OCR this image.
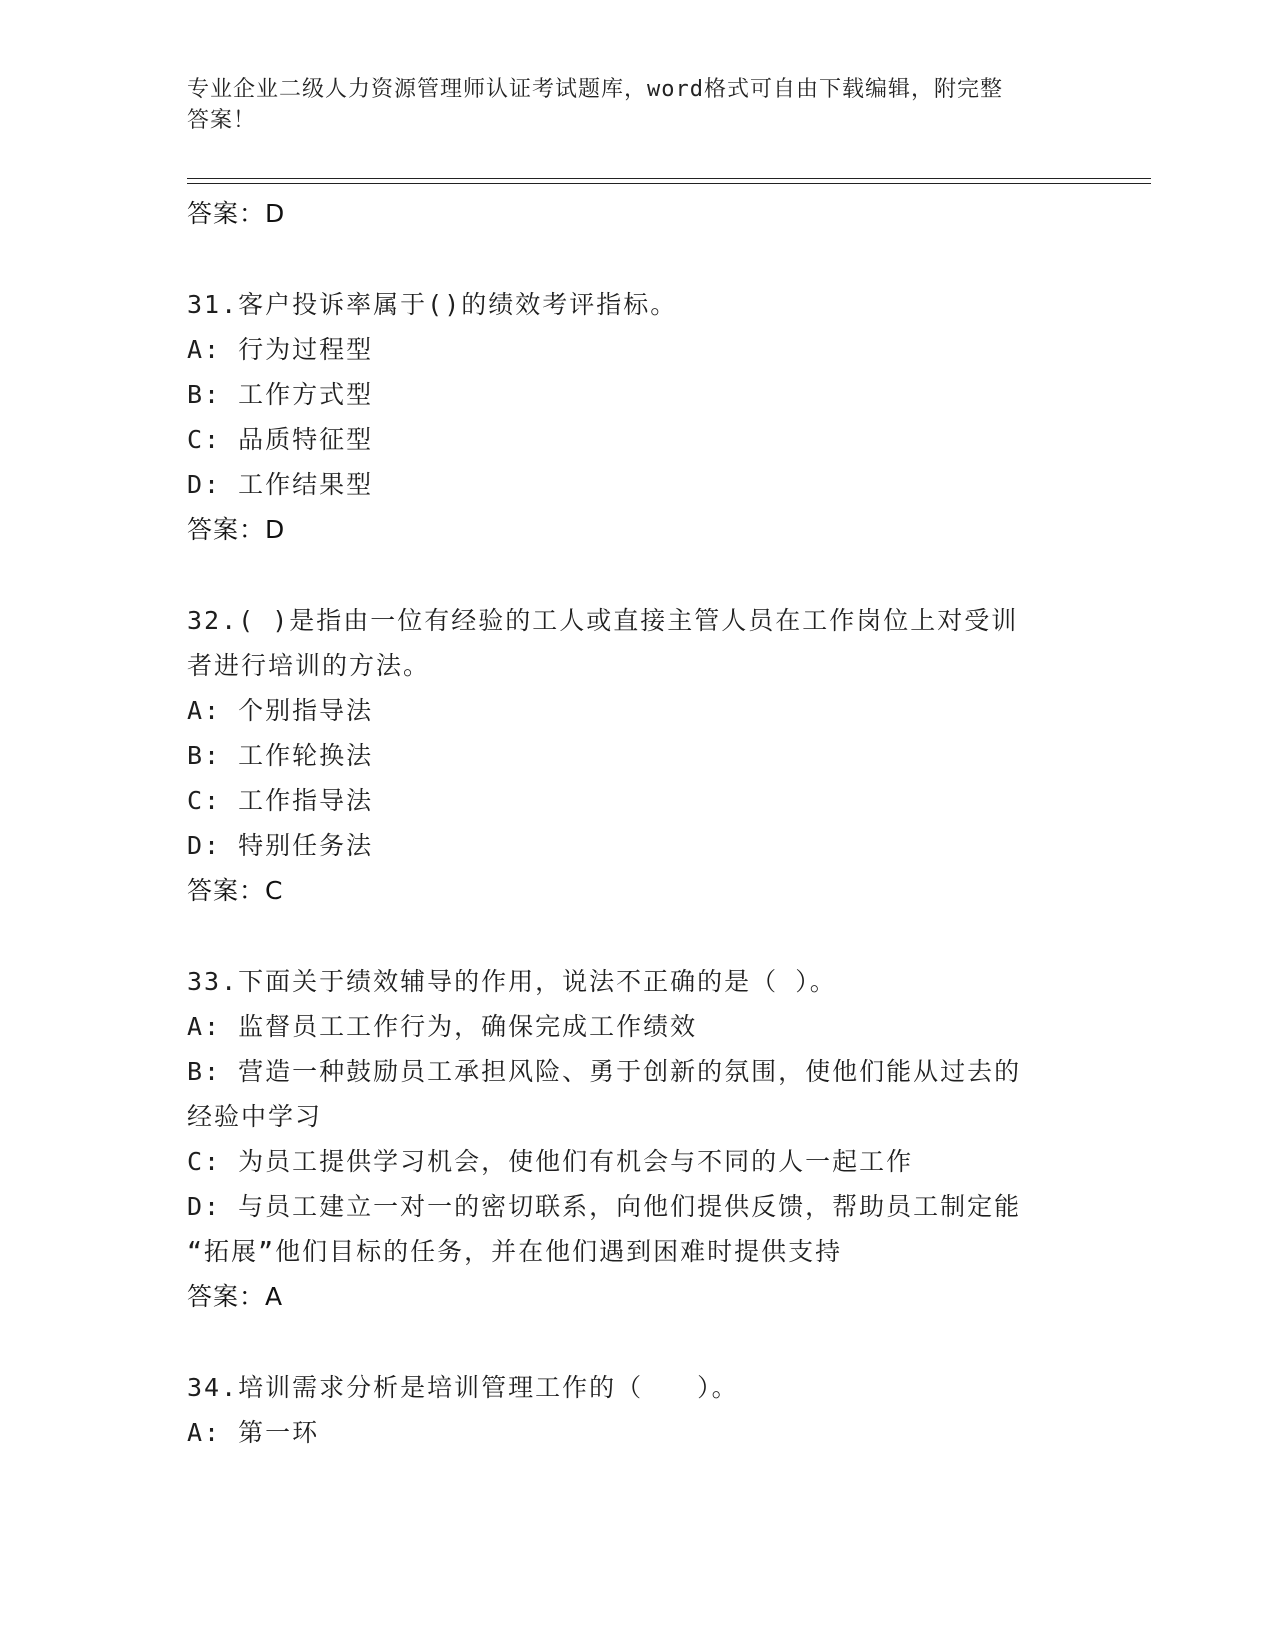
专业企业二级人力资源管理师认证考试题库，word格式可自由下载编辑，附完整
答案！
答案：D
31.客户投诉率属于()的绩效考评指标。
A: 行为过程型
B: 工作方式型
C: 品质特征型
D: 工作结果型
答案：D
32.( )是指由一位有经验的工人或直接主管人员在工作岗位上对受训
者进行培训的方法。
A: 个别指导法
B: 工作轮换法
C: 工作指导法
D: 特别任务法
答案：C
33.下面关于绩效辅导的作用，说法不正确的是（ ）。
A: 监督员工工作行为，确保完成工作绩效
B: 营造一种鼓励员工承担风险、勇于创新的氛围，使他们能从过去的
经验中学习
C: 为员工提供学习机会，使他们有机会与不同的人一起工作
D: 与员工建立一对一的密切联系，向他们提供反馈，帮助员工制定能
“拓展”他们目标的任务，并在他们遇到困难时提供支持
答案：A
34.培训需求分析是培训管理工作的（　　）。
A: 第一环
